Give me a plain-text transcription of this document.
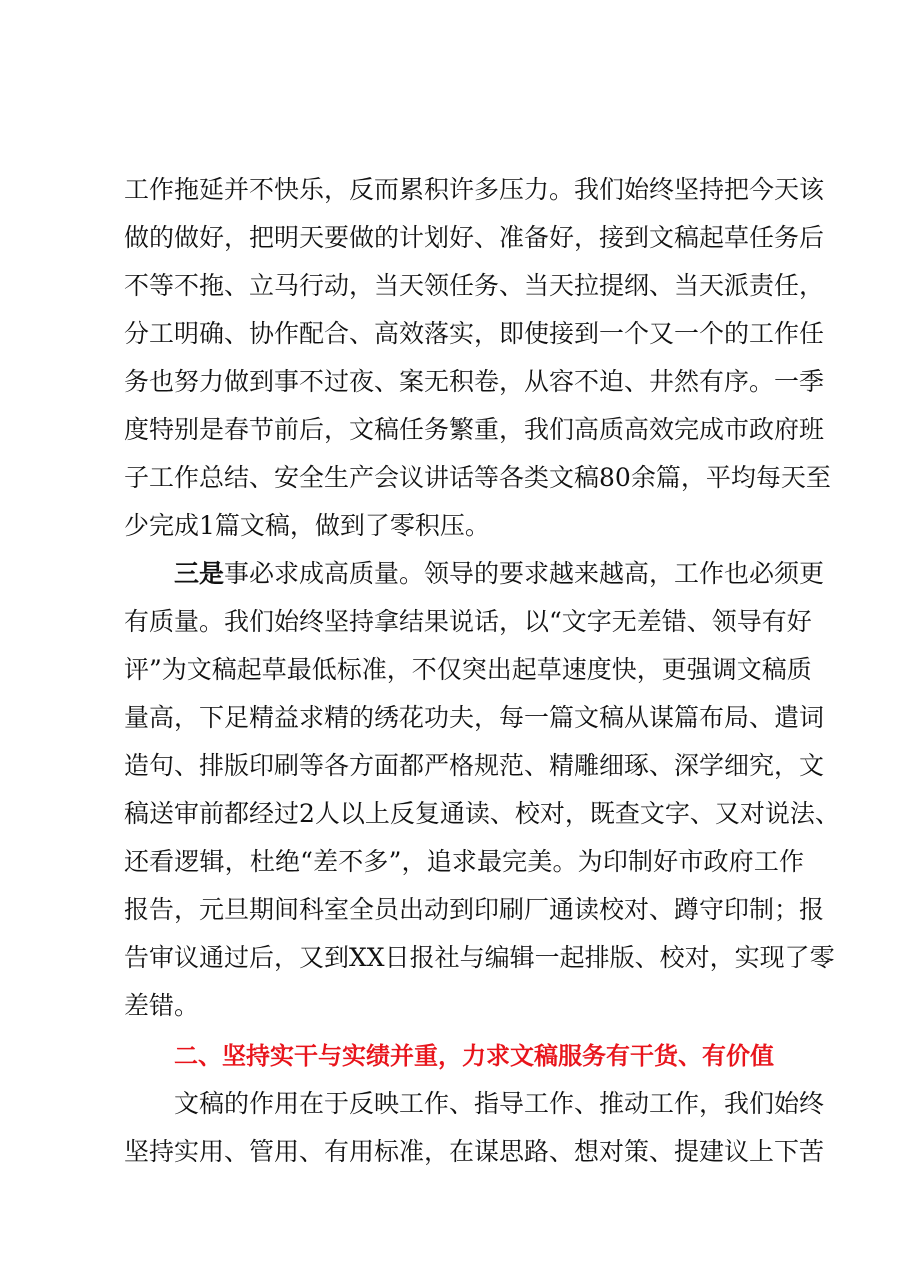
工作拖延并不快乐，反而累积许多压力。我们始终坚持把今天该
做的做好，把明天要做的计划好、准备好，接到文稿起草任务后
不等不拖、立马行动，当天领任务、当天拉提纲、当天派责任，
分工明确、协作配合、高效落实，即使接到一个又一个的工作任
务也努力做到事不过夜、案无积卷，从容不迫、井然有序。一季
度特别是春节前后，文稿任务繁重，我们高质高效完成市政府班
子工作总结、安全生产会议讲话等各类文稿80余篇，平均每天至
少完成1篇文稿，做到了零积压。
三是事必求成高质量。领导的要求越来越高，工作也必须更
有质量。我们始终坚持拿结果说话，以“文字无差错、领导有好
评”为文稿起草最低标准，不仅突出起草速度快，更强调文稿质
量高，下足精益求精的绣花功夫，每一篇文稿从谋篇布局、遣词
造句、排版印刷等各方面都严格规范、精雕细琢、深学细究，文
稿送审前都经过2人以上反复通读、校对，既查文字、又对说法、
还看逻辑，杜绝“差不多”，追求最完美。为印制好市政府工作
报告，元旦期间科室全员出动到印刷厂通读校对、蹲守印制；报
告审议通过后，又到XX日报社与编辑一起排版、校对，实现了零
差错。
二、坚持实干与实绩并重，力求文稿服务有干货、有价值
文稿的作用在于反映工作、指导工作、推动工作，我们始终
坚持实用、管用、有用标准，在谋思路、想对策、提建议上下苦
